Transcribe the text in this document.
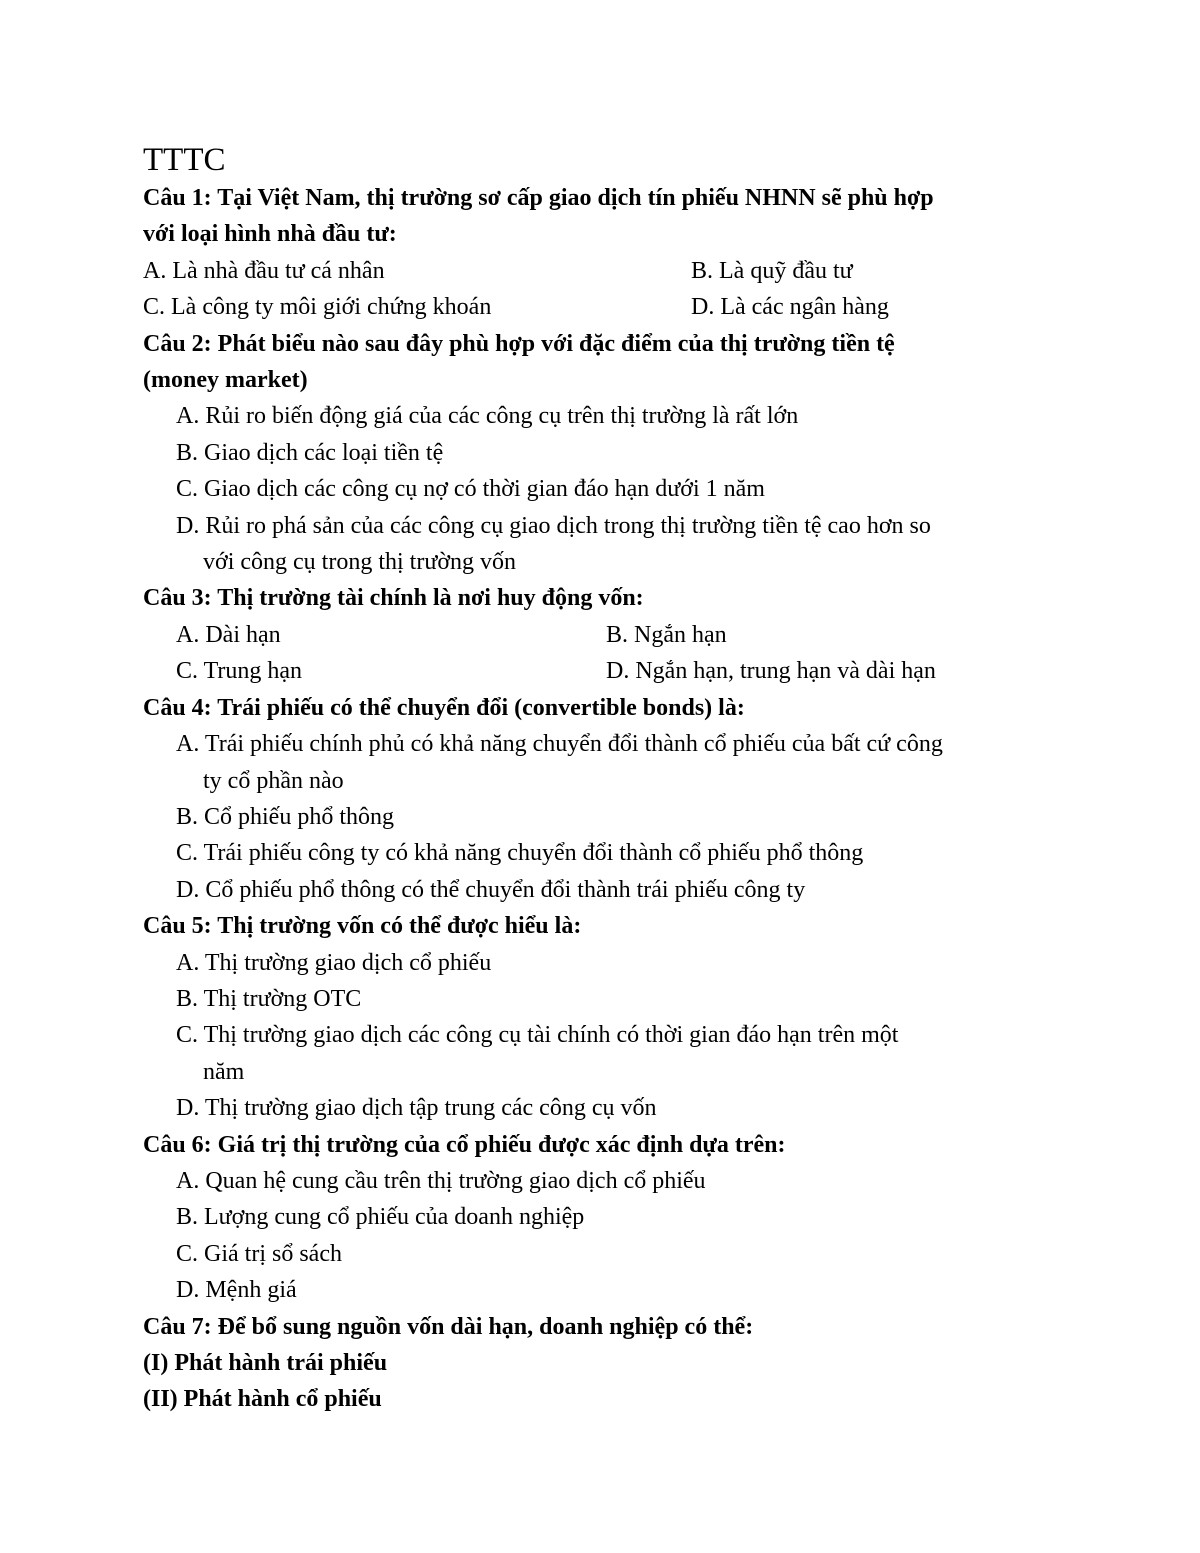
TTTC
Câu 1: Tại Việt Nam, thị trường sơ cấp giao dịch tín phiếu NHNN sẽ phù hợp
với loại hình nhà đầu tư:
A. Là nhà đầu tư cá nhân	B. Là quỹ đầu tư
C. Là công ty môi giới chứng khoán	D. Là các ngân hàng
Câu 2: Phát biểu nào sau đây phù hợp với đặc điểm của thị trường tiền tệ
(money market)
A. Rủi ro biến động giá của các công cụ trên thị trường là rất lớn
B. Giao dịch các loại tiền tệ
C. Giao dịch các công cụ nợ có thời gian đáo hạn dưới 1 năm
D. Rủi ro phá sản của các công cụ giao dịch trong thị trường tiền tệ cao hơn so
với công cụ trong thị trường vốn
Câu 3: Thị trường tài chính là nơi huy động vốn:
A. Dài hạn	B. Ngắn hạn
C. Trung hạn	D. Ngắn hạn, trung hạn và dài hạn
Câu 4: Trái phiếu có thể chuyển đổi (convertible bonds) là:
A. Trái phiếu chính phủ có khả năng chuyển đổi thành cổ phiếu của bất cứ công
ty cổ phần nào
B. Cổ phiếu phổ thông
C. Trái phiếu công ty có khả năng chuyển đổi thành cổ phiếu phổ thông
D. Cổ phiếu phổ thông có thể chuyển đổi thành trái phiếu công ty
Câu 5: Thị trường vốn có thể được hiểu là:
A. Thị trường giao dịch cổ phiếu
B. Thị trường OTC
C. Thị trường giao dịch các công cụ tài chính có thời gian đáo hạn trên một
năm
D. Thị trường giao dịch tập trung các công cụ vốn
Câu 6: Giá trị thị trường của cổ phiếu được xác định dựa trên:
A. Quan hệ cung cầu trên thị trường giao dịch cổ phiếu
B. Lượng cung cổ phiếu của doanh nghiệp
C. Giá trị sổ sách
D. Mệnh giá
Câu 7: Để bổ sung nguồn vốn dài hạn, doanh nghiệp có thể:
(I) Phát hành trái phiếu
(II) Phát hành cổ phiếu
